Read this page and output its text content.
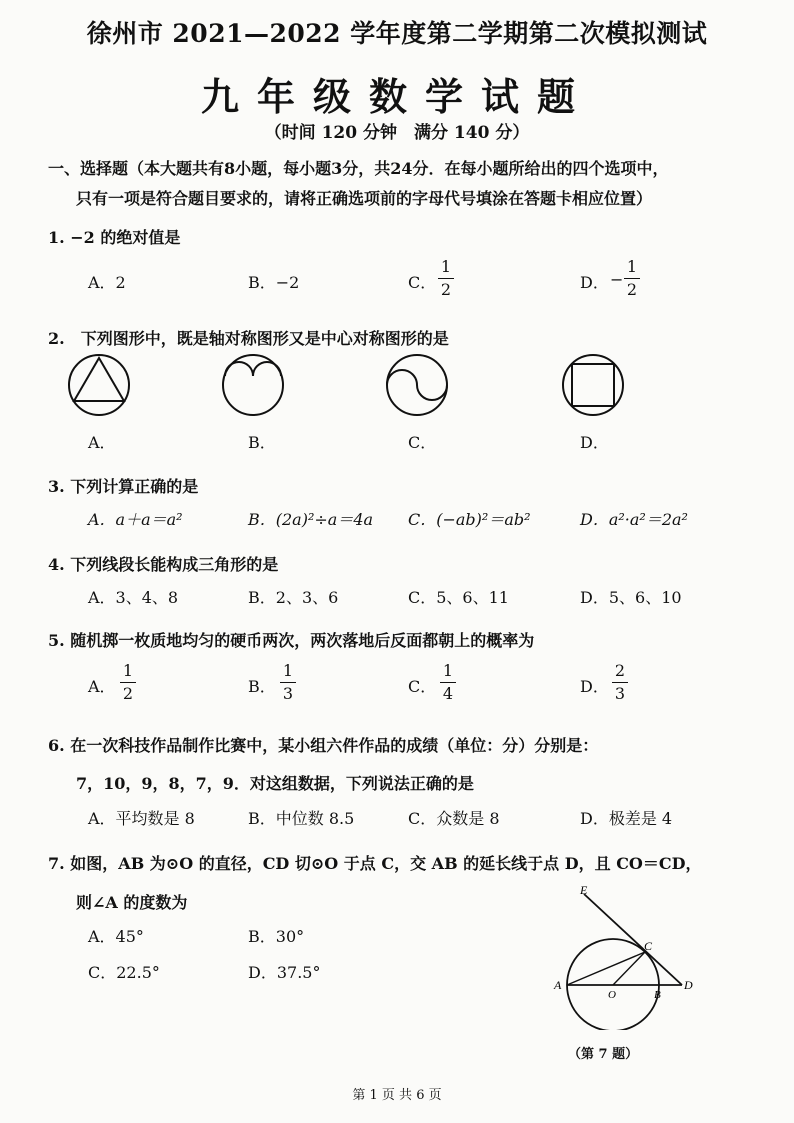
徐州市 2021—2022 学年度第二学期第二次模拟测试
九年级数学试题
（时间 120 分钟　满分 140 分）
一、选择题（本大题共有8小题，每小题3分，共24分．在每小题所给出的四个选项中，
只有一项是符合题目要求的，请将正确选项前的字母代号填涂在答题卡相应位置）
1. −2 的绝对值是
A．2	B．−2	C．
1
2	D． −
1
2
2.　下列图形中，既是轴对称图形又是中心对称图形的是
A．	B．	C．	D．
3. 下列计算正确的是
A．a＋a＝a²	B．(2a)²÷a＝4a C．(−ab)²＝ab²	D．a²·a²＝2a²
4. 下列线段长能构成三角形的是
A．3、4、8	B．2、3、6	C．5、6、11	D．5、6、10
5. 随机掷一枚质地均匀的硬币两次，两次落地后反面都朝上的概率为
A．
1
2	B．
1
3	C．
1
4	D．
2
3
6. 在一次科技作品制作比赛中，某小组六件作品的成绩（单位：分）分别是：
7，10，9，8，7，9．对这组数据，下列说法正确的是
A．平均数是 8	B．中位数 8.5	C．众数是 8	D．极差是 4
7. 如图，AB 为⊙O 的直径，CD 切⊙O 于点 C，交 AB 的延长线于点 D，且 CO＝CD，
则∠A 的度数为
A．45°	B．30°
C．22.5°	D．37.5°
E
C
A
O	B
D
（第 7 题）
第 1 页 共 6 页
